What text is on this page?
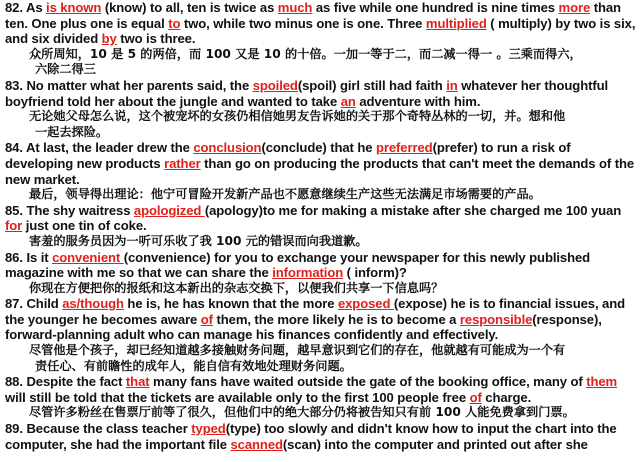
82. As is known (know) to all, ten is twice as much as five while one hundred is nine times more than ten. One plus one is equal to two, while two minus one is one. Three multiplied ( multiply) by two is six, and six divided by two is three.
众所周知，10 是 5 的两倍，而 100 又是 10 的十倍。一加一等于二，而二减一得一 。三乘而得六，
六除二得三
83. No matter what her parents said, the spoiled(spoil) girl still had faith in whatever her thoughtful boyfriend told her about the jungle and wanted to take an adventure with him.
无论她父母怎么说，这个被宠坏的女孩仍相信她男友告诉她的关于那个奇特丛林的一切，并。想和他
一起去探险。
84. At last, the leader drew the conclusion(conclude) that he preferred(prefer) to run a risk of developing new products rather than go on producing the products that can't meet the demands of the new market.
最后，领导得出理论：他宁可冒险开发新产品也不愿意继续生产这些无法满足市场需要的产品。
85. The shy waitress apologized (apology)to me for making a mistake after she charged me 100 yuan for just one tin of coke.
害羞的服务员因为一听可乐收了我 100 元的错误而向我道歉。
86. Is it convenient (convenience) for you to exchange your newspaper for this newly published magazine with me so that we can share the information ( inform)?
你现在方便把你的报纸和这本新出的杂志交换下，以便我们共享一下信息吗？
87. Child as/though he is, he has known that the more exposed (expose) he is to financial issues, and the younger he becomes aware of them, the more likely he is to become a responsible(response), forward-planning adult who can manage his finances confidently and effectively.
尽管他是个孩子，却已经知道越多接触财务问题，越早意识到它们的存在，他就越有可能成为一个有
责任心、有前瞻性的成年人，能自信有效地处理财务问题。
88. Despite the fact that many fans have waited outside the gate of the booking office, many of them will still be told that the tickets are available only to the first 100 people free of charge.
尽管许多粉丝在售票厅前等了很久，但他们中的绝大部分仍将被告知只有前 100 人能免费拿到门票。
89. Because the class teacher typed(type) too slowly and didn't know how to input the chart into the computer, she had the important file scanned(scan) into the computer and printed out after she
